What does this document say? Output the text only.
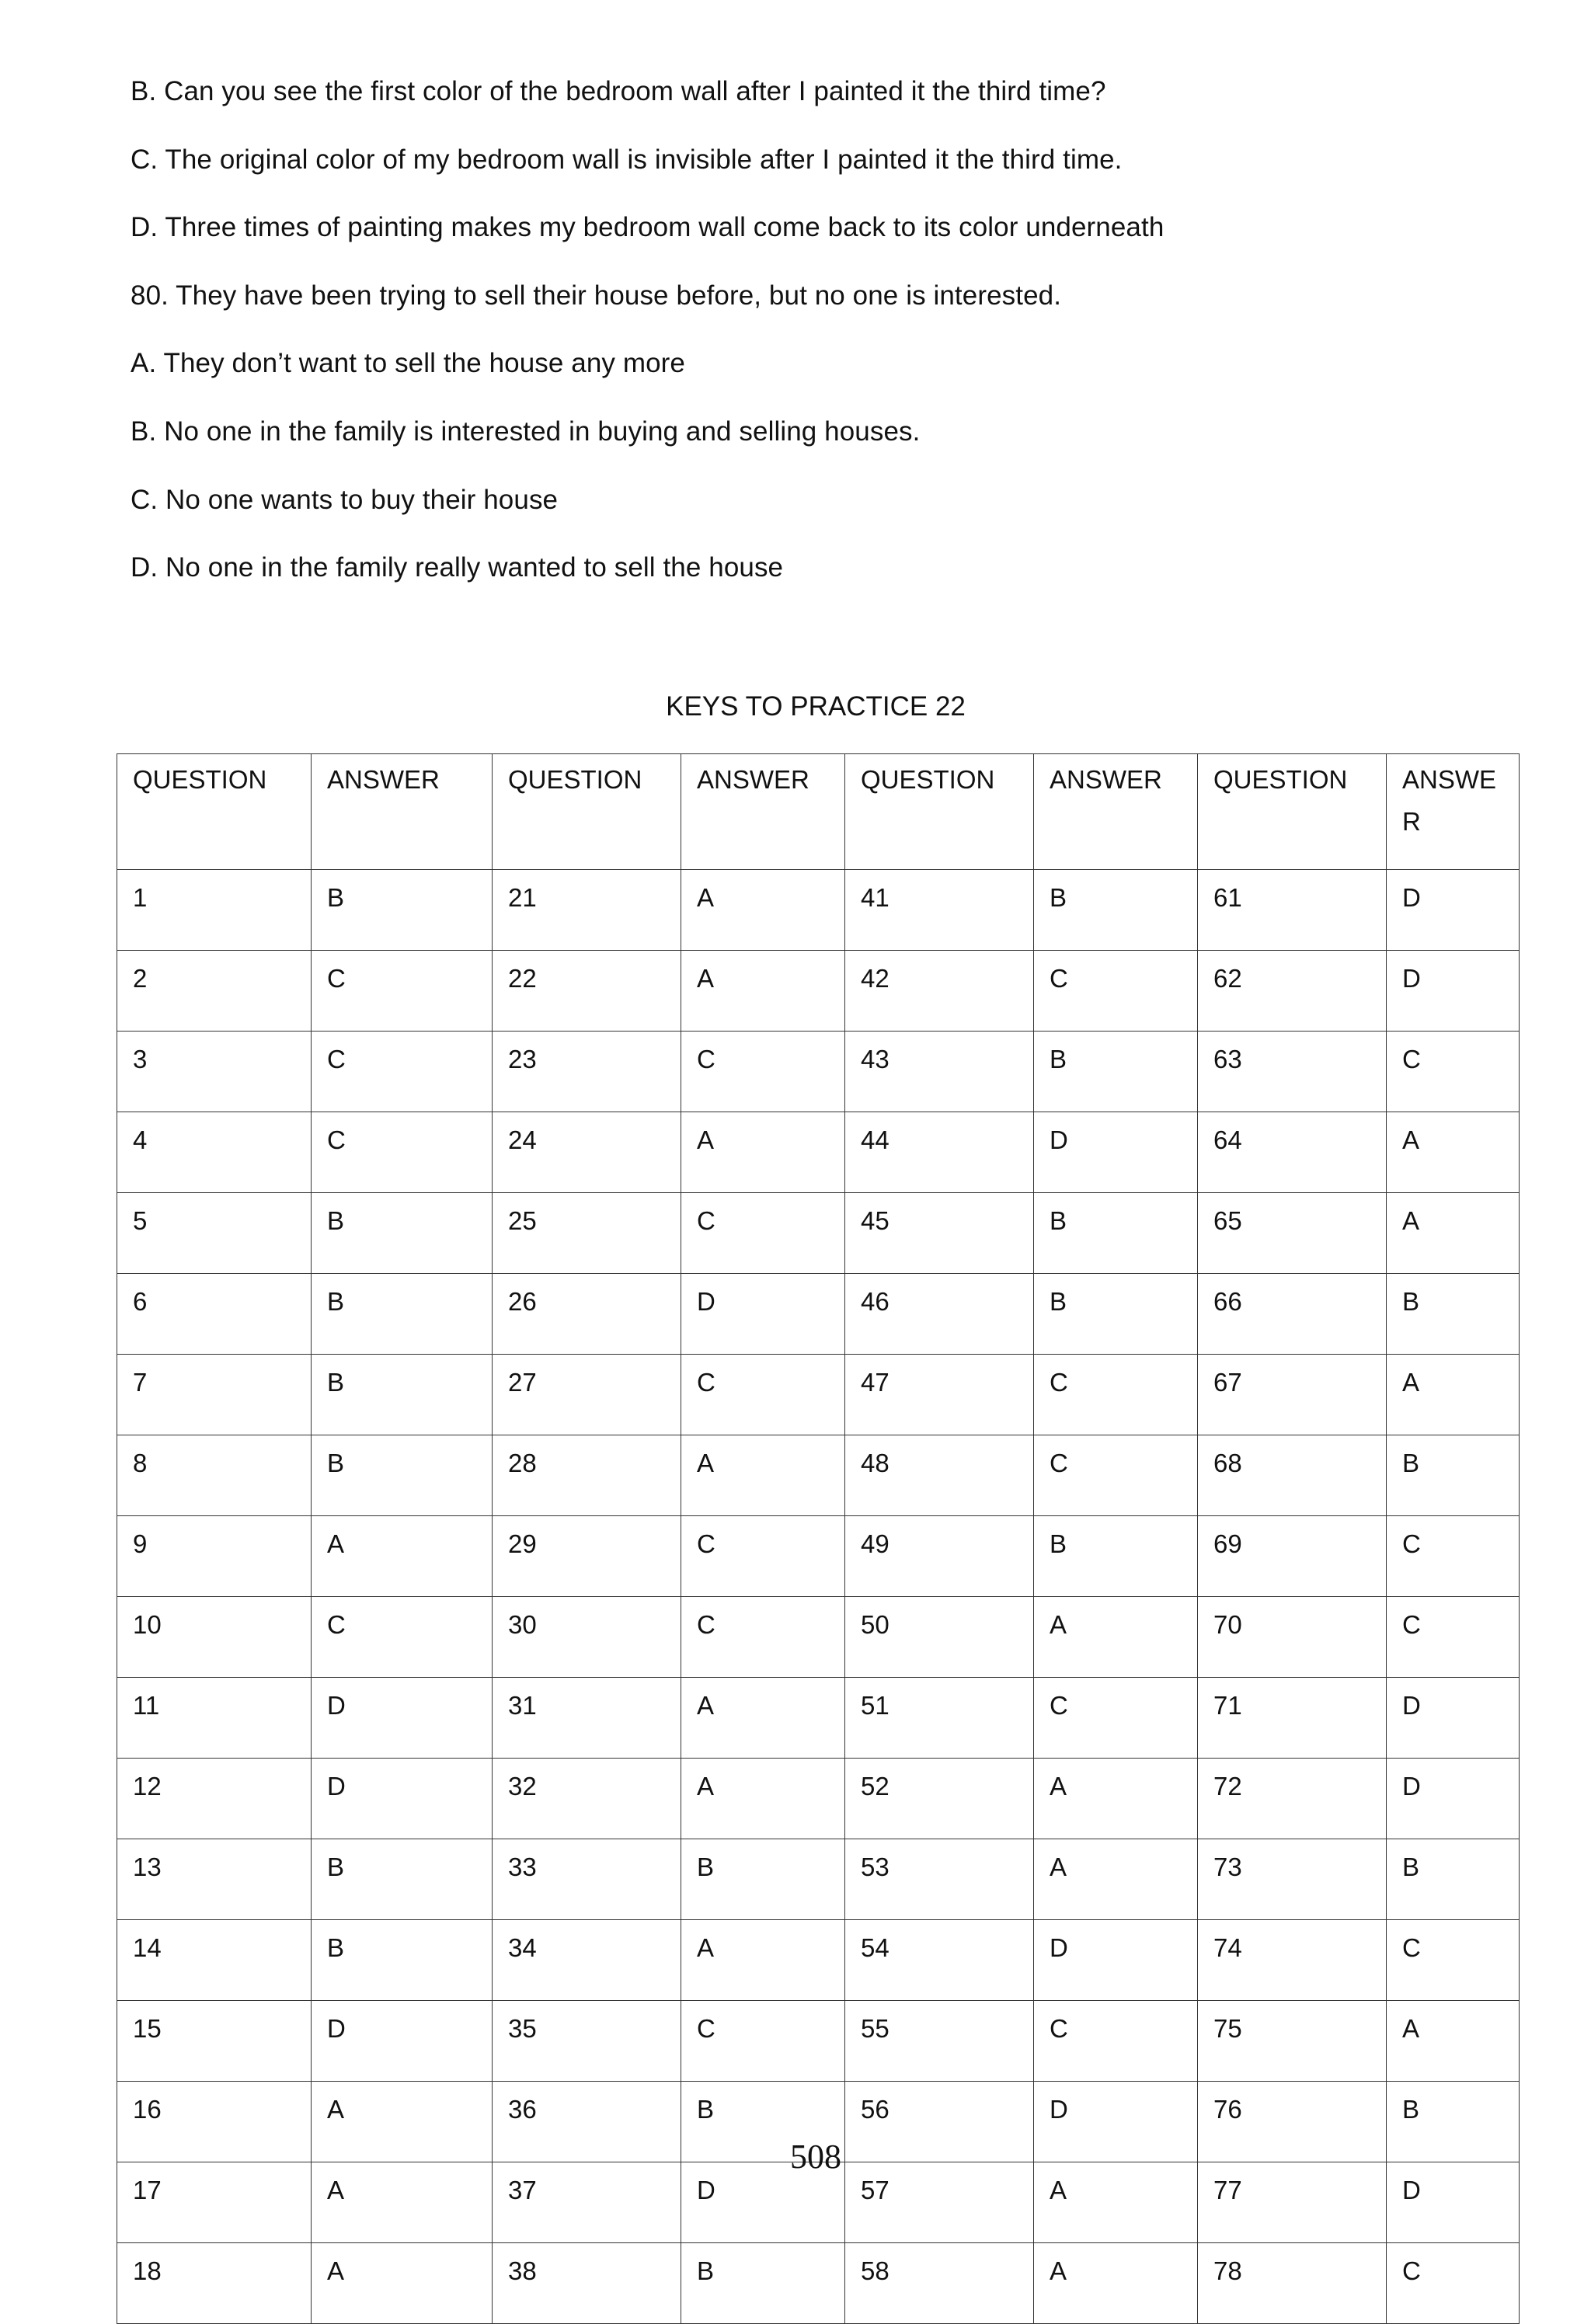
B. Can you see the first color of the bedroom wall after I painted it the third time?
C. The original color of my bedroom wall is invisible after I painted it the third time.
D. Three times of painting makes my bedroom wall come back to its color underneath
80. They have been trying to sell their house before, but no one is interested.
A. They don’t want to sell the house any more
B. No one in the family is interested in buying and selling houses.
C. No one wants to buy their house
D. No one in the family really wanted to sell the house
KEYS TO PRACTICE 22
QUESTION	ANSWER	QUESTION	ANSWER	QUESTION	ANSWER	QUESTION	ANSWER
1	B	21	A	41	B	61	D
2	C	22	A	42	C	62	D
3	C	23	C	43	B	63	C
4	C	24	A	44	D	64	A
5	B	25	C	45	B	65	A
6	B	26	D	46	B	66	B
7	B	27	C	47	C	67	A
8	B	28	A	48	C	68	B
9	A	29	C	49	B	69	C
10	C	30	C	50	A	70	C
11	D	31	A	51	C	71	D
12	D	32	A	52	A	72	D
13	B	33	B	53	A	73	B
14	B	34	A	54	D	74	C
15	D	35	C	55	C	75	A
16	A	36	B	56	D	76	B
17	A	37	D	57	A	77	D
18	A	38	B	58	A	78	C
508
